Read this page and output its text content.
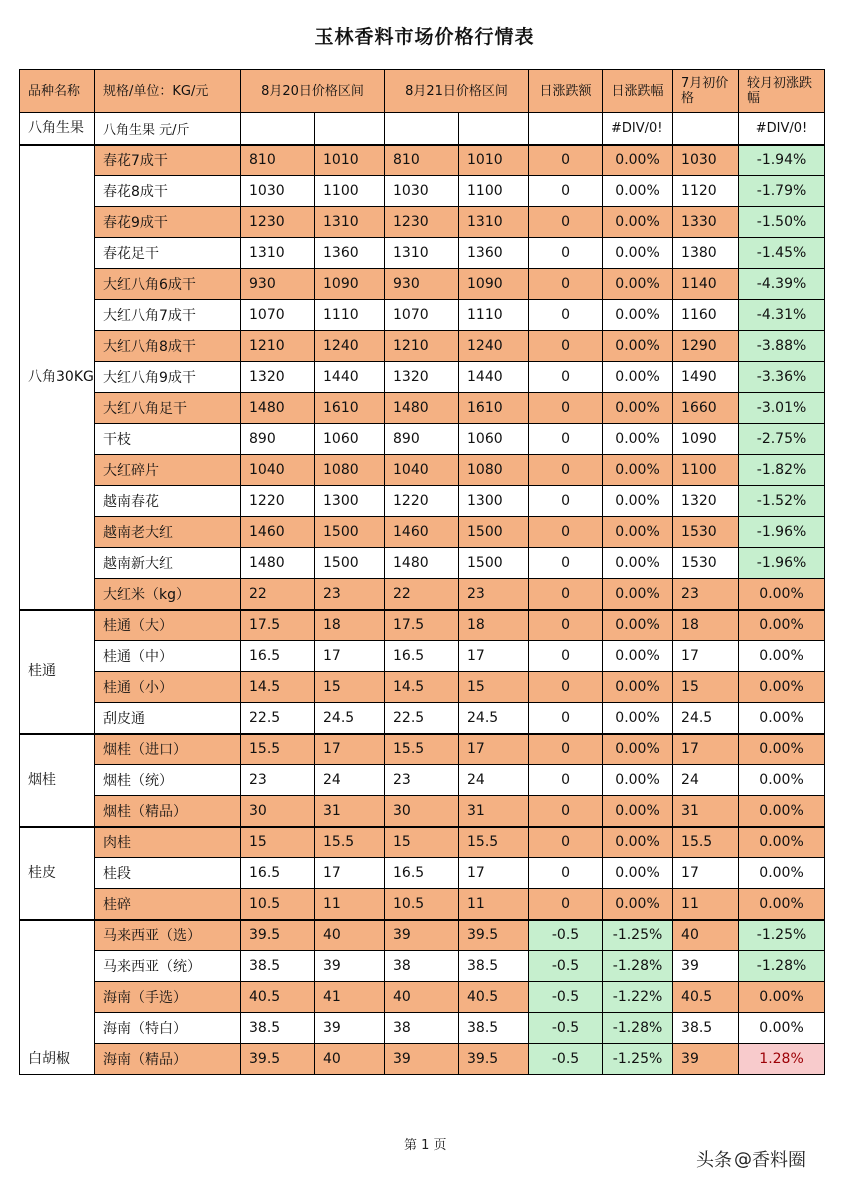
玉林香料市场价格行情表
品种名称	规格/单位：KG/元	8月20日价格区间		8月21日价格区间		日涨跌额	日涨跌幅	7月初价格	较月初涨跌幅
八角生果	八角生果 元/斤						#DIV/0!		#DIV/0!
八角30KG	春花7成干	810	1010	810	1010	0	0.00%	1030	-1.94%
	春花8成干	1030	1100	1030	1100	0	0.00%	1120	-1.79%
	春花9成干	1230	1310	1230	1310	0	0.00%	1330	-1.50%
	春花足干	1310	1360	1310	1360	0	0.00%	1380	-1.45%
	大红八角6成干	930	1090	930	1090	0	0.00%	1140	-4.39%
	大红八角7成干	1070	1110	1070	1110	0	0.00%	1160	-4.31%
	大红八角8成干	1210	1240	1210	1240	0	0.00%	1290	-3.88%
	大红八角9成干	1320	1440	1320	1440	0	0.00%	1490	-3.36%
	大红八角足干	1480	1610	1480	1610	0	0.00%	1660	-3.01%
	干枝	890	1060	890	1060	0	0.00%	1090	-2.75%
	大红碎片	1040	1080	1040	1080	0	0.00%	1100	-1.82%
	越南春花	1220	1300	1220	1300	0	0.00%	1320	-1.52%
	越南老大红	1460	1500	1460	1500	0	0.00%	1530	-1.96%
	越南新大红	1480	1500	1480	1500	0	0.00%	1530	-1.96%
	大红米（kg）	22	23	22	23	0	0.00%	23	0.00%
桂通	桂通（大）	17.5	18	17.5	18	0	0.00%	18	0.00%
	桂通（中）	16.5	17	16.5	17	0	0.00%	17	0.00%
	桂通（小）	14.5	15	14.5	15	0	0.00%	15	0.00%
	刮皮通	22.5	24.5	22.5	24.5	0	0.00%	24.5	0.00%
烟桂	烟桂（进口）	15.5	17	15.5	17	0	0.00%	17	0.00%
	烟桂（统）	23	24	23	24	0	0.00%	24	0.00%
	烟桂（精品）	30	31	30	31	0	0.00%	31	0.00%
桂皮	肉桂	15	15.5	15	15.5	0	0.00%	15.5	0.00%
	桂段	16.5	17	16.5	17	0	0.00%	17	0.00%
	桂碎	10.5	11	10.5	11	0	0.00%	11	0.00%
白胡椒	马来西亚（选）	39.5	40	39	39.5	-0.5	-1.25%	40	-1.25%
	马来西亚（统）	38.5	39	38	38.5	-0.5	-1.28%	39	-1.28%
	海南（手选）	40.5	41	40	40.5	-0.5	-1.22%	40.5	0.00%
	海南（特白）	38.5	39	38	38.5	-0.5	-1.28%	38.5	0.00%
	海南（精品）	39.5	40	39	39.5	-0.5	-1.25%	39	1.28%
第 1 页
头条 @ 香料圈
